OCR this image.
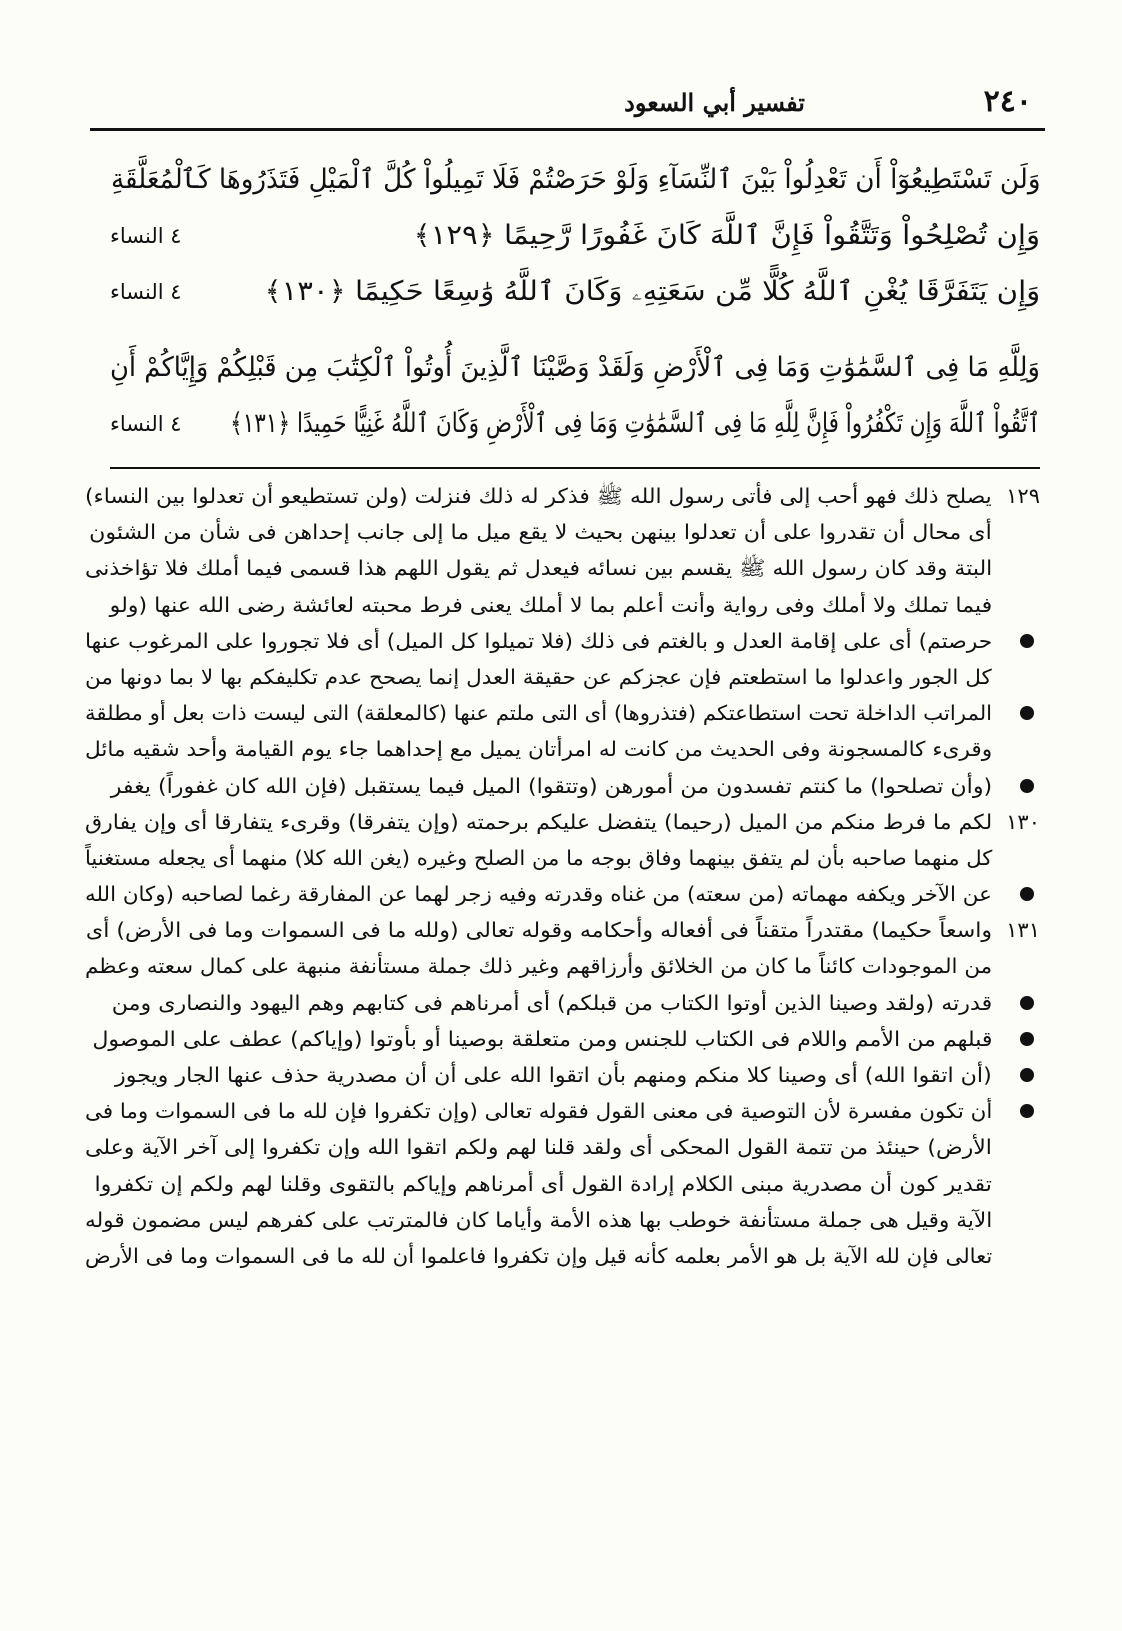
٢٤٠
تفسير أبي السعود
وَلَن تَسْتَطِيعُوٓاْ أَن تَعْدِلُواْ بَيْنَ ٱلنِّسَآءِ وَلَوْ حَرَصْتُمْ فَلَا تَمِيلُواْ كُلَّ ٱلْمَيْلِ فَتَذَرُوهَا كَٱلْمُعَلَّقَةِ
وَإِن تُصْلِحُواْ وَتَتَّقُواْ فَإِنَّ ٱللَّهَ كَانَ غَفُورًا رَّحِيمًا ﴿١٢٩﴾
٤ النساء
وَإِن يَتَفَرَّقَا يُغْنِ ٱللَّهُ كُلًّا مِّن سَعَتِهِۦ وَكَانَ ٱللَّهُ وَٰسِعًا حَكِيمًا ﴿١٣٠﴾
٤ النساء
وَلِلَّهِ مَا فِى ٱلسَّمَٰوَٰتِ وَمَا فِى ٱلْأَرْضِ وَلَقَدْ وَصَّيْنَا ٱلَّذِينَ أُوتُواْ ٱلْكِتَٰبَ مِن قَبْلِكُمْ وَإِيَّاكُمْ أَنِ
ٱتَّقُواْ ٱللَّهَ وَإِن تَكْفُرُواْ فَإِنَّ لِلَّهِ مَا فِى ٱلسَّمَٰوَٰتِ وَمَا فِى ٱلْأَرْضِ وَكَانَ ٱللَّهُ غَنِيًّا حَمِيدًا ﴿١٣١﴾
٤ النساء
١٢٩
يصلح ذلك فهو أحب إلى فأتى رسول الله ﷺ فذكر له ذلك فنزلت (ولن تستطيعو أن تعدلوا بين النساء)
أى محال أن تقدروا على أن تعدلوا بينهن بحيث لا يقع ميل ما إلى جانب إحداهن فى شأن من الشئون
البتة وقد كان رسول الله ﷺ يقسم بين نسائه فيعدل ثم يقول اللهم هذا قسمى فيما أملك فلا تؤاخذنى
فيما تملك ولا أملك وفى رواية وأنت أعلم بما لا أملك يعنى فرط محبته لعائشة رضى الله عنها (ولو
حرصتم) أى على إقامة العدل و بالغتم فى ذلك (فلا تميلوا كل الميل) أى فلا تجوروا على المرغوب عنها
كل الجور واعدلوا ما استطعتم فإن عجزكم عن حقيقة العدل إنما يصحح عدم تكليفكم بها لا بما دونها من
المراتب الداخلة تحت استطاعتكم (فتذروها) أى التى ملتم عنها (كالمعلقة) التى ليست ذات بعل أو مطلقة
وقرىء كالمسجونة وفى الحديث من كانت له امرأتان يميل مع إحداهما جاء يوم القيامة وأحد شقيه مائل
(وأن تصلحوا) ما كنتم تفسدون من أمورهن (وتتقوا) الميل فيما يستقبل (فإن الله كان غفوراً) يغفر
١٣٠
لكم ما فرط منكم من الميل (رحيما) يتفضل عليكم برحمته (وإن يتفرقا) وقرىء يتفارقا أى وإن يفارق
كل منهما صاحبه بأن لم يتفق بينهما وفاق بوجه ما من الصلح وغيره (يغن الله كلا) منهما أى يجعله مستغنياً
عن الآخر ويكفه مهماته (من سعته) من غناه وقدرته وفيه زجر لهما عن المفارقة رغما لصاحبه (وكان الله
١٣١
واسعاً حكيما) مقتدراً متقناً فى أفعاله وأحكامه وقوله تعالى (ولله ما فى السموات وما فى الأرض) أى
من الموجودات كائناً ما كان من الخلائق وأرزاقهم وغير ذلك جملة مستأنفة منبهة على كمال سعته وعظم
قدرته (ولقد وصينا الذين أوتوا الكتاب من قبلكم) أى أمرناهم فى كتابهم وهم اليهود والنصارى ومن
قبلهم من الأمم واللام فى الكتاب للجنس ومن متعلقة بوصينا أو بأوتوا (وإياكم) عطف على الموصول
(أن اتقوا الله) أى وصينا كلا منكم ومنهم بأن اتقوا الله على أن أن مصدرية حذف عنها الجار ويجوز
أن تكون مفسرة لأن التوصية فى معنى القول فقوله تعالى (وإن تكفروا فإن لله ما فى السموات وما فى
الأرض) حينئذ من تتمة القول المحكى أى ولقد قلنا لهم ولكم اتقوا الله وإن تكفروا إلى آخر الآية وعلى
تقدير كون أن مصدرية مبنى الكلام إرادة القول أى أمرناهم وإياكم بالتقوى وقلنا لهم ولكم إن تكفروا
الآية وقيل هى جملة مستأنفة خوطب بها هذه الأمة وأياما كان فالمترتب على كفرهم ليس مضمون قوله
تعالى فإن لله الآية بل هو الأمر بعلمه كأنه قيل وإن تكفروا فاعلموا أن لله ما فى السموات وما فى الأرض
